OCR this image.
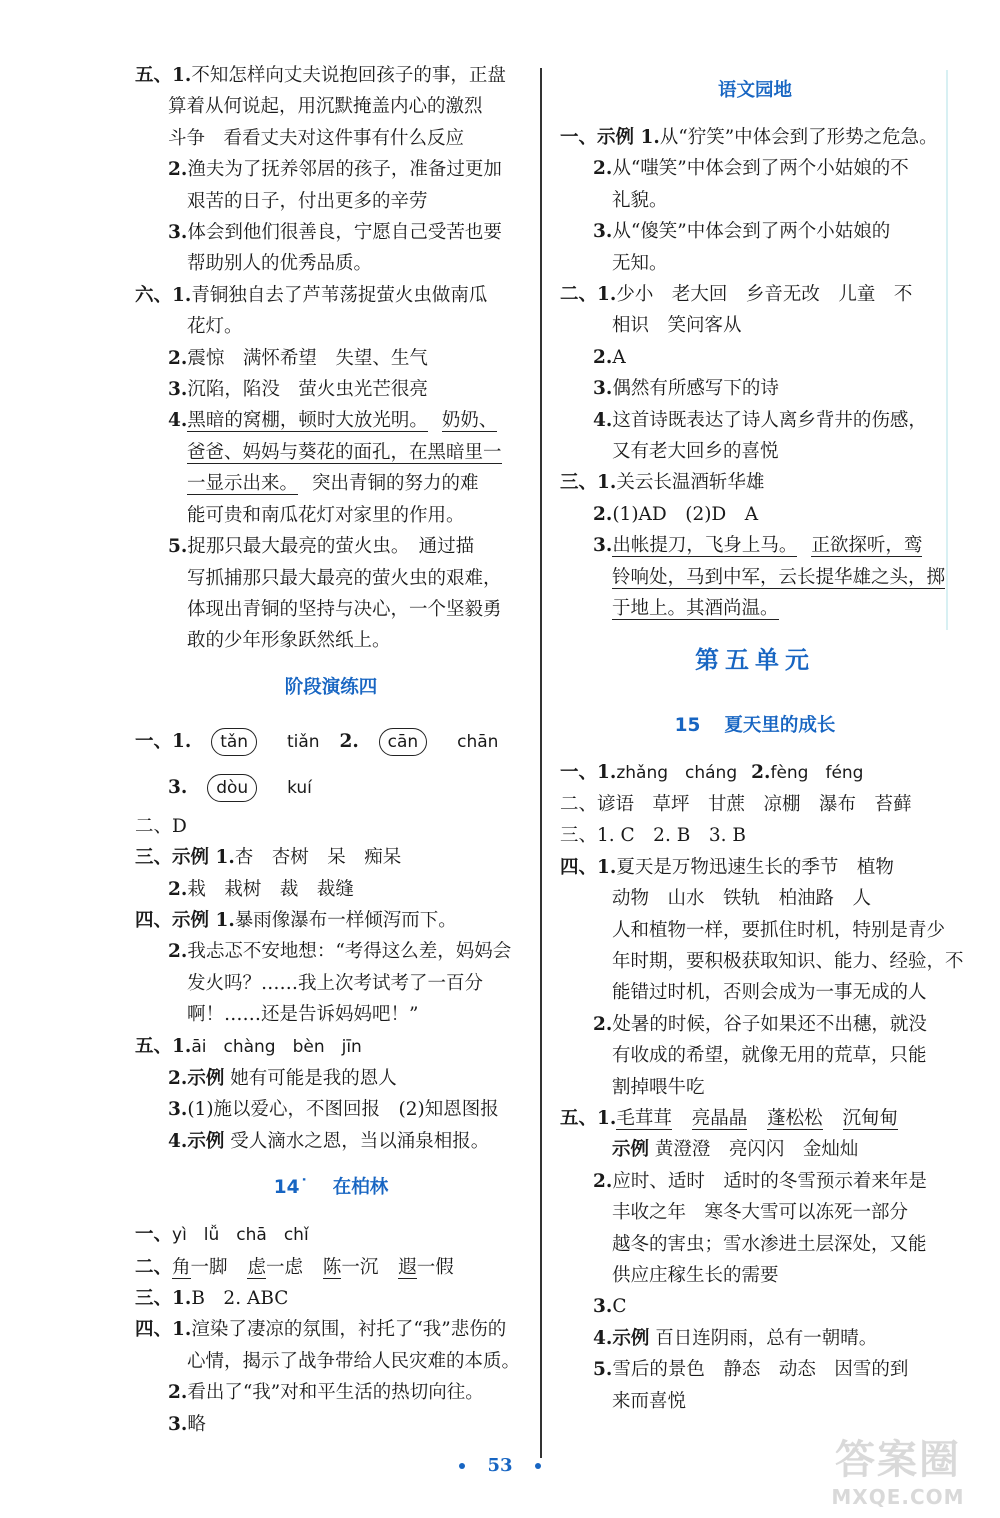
五、1.不知怎样向丈夫说抱回孩子的事，正盘
算着从何说起，用沉默掩盖内心的激烈
斗争　看看丈夫对这件事有什么反应
2.渔夫为了抚养邻居的孩子，准备过更加
艰苦的日子，付出更多的辛劳
3.体会到他们很善良，宁愿自己受苦也要
帮助别人的优秀品质。
六、1.青铜独自去了芦苇荡捉萤火虫做南瓜
花灯。
2.震惊　满怀希望　失望、生气
3.沉陷，陷没　萤火虫光芒很亮
4.黑暗的窝棚，顿时大放光明。 奶奶、
爸爸、妈妈与葵花的面孔，在黑暗里一
一显示出来。 突出青铜的努力的难
能可贵和南瓜花灯对家里的作用。
5.捉那只最大最亮的萤火虫。　通过描
写抓捕那只最大最亮的萤火虫的艰难，
体现出青铜的坚持与决心，一个坚毅勇
敢的少年形象跃然纸上。
阶段演练四
一、1. tǎn tiǎn 2. cān chān
3. dòu kuí
二、D
三、示例 1.杏　杏树　呆　痴呆
2.栽　栽树　裁　裁缝
四、示例 1.暴雨像瀑布一样倾泻而下。
2.我忐忑不安地想：“考得这么差，妈妈会
发火吗？……我上次考试考了一百分
啊！……还是告诉妈妈吧！”
五、1.āi　chàng　bèn　jīn
2.示例 她有可能是我的恩人
3.(1)施以爱心，不图回报　(2)知恩图报
4.示例 受人滴水之恩，当以涌泉相报。
14˙ 在柏林
一、yì　lǚ　chā　chǐ
二、角一脚 虑一虑 陈一沉 遐一假
三、1.B　2. ABC
四、1.渲染了凄凉的氛围，衬托了“我”悲伤的
心情，揭示了战争带给人民灾难的本质。
2.看出了“我”对和平生活的热切向往。
3.略
语文园地
一、示例 1.从“狞笑”中体会到了形势之危急。
2.从“嗤笑”中体会到了两个小姑娘的不
礼貌。
3.从“傻笑”中体会到了两个小姑娘的
无知。
二、1.少小　老大回　乡音无改　儿童　不
相识　笑问客从
2.A
3.偶然有所感写下的诗
4.这首诗既表达了诗人离乡背井的伤感，
又有老大回乡的喜悦
三、1.关云长温酒斩华雄
2.(1)AD　(2)D　A
3.出帐提刀，飞身上马。 正欲探听，鸾
铃响处，马到中军，云长提华雄之头，掷
于地上。其酒尚温。
第五单元
15 夏天里的成长
一、1.zhǎng　cháng 2.fèng　féng
二、谚语　草坪　甘蔗　凉棚　瀑布　苔藓
三、1. C　2. B　3. B
四、1.夏天是万物迅速生长的季节　植物
动物　山水　铁轨　柏油路　人
人和植物一样，要抓住时机，特别是青少
年时期，要积极获取知识、能力、经验，不
能错过时机，否则会成为一事无成的人
2.处暑的时候，谷子如果还不出穗，就没
有收成的希望，就像无用的荒草，只能
割掉喂牛吃
五、1.毛茸茸 亮晶晶 蓬松松 沉甸甸
示例 黄澄澄　亮闪闪　金灿灿
2.应时、适时　适时的冬雪预示着来年是
丰收之年　寒冬大雪可以冻死一部分
越冬的害虫；雪水渗进土层深处，又能
供应庄稼生长的需要
3.C
4.示例 百日连阴雨，总有一朝晴。
5.雪后的景色　静态　动态　因雪的到
来而喜悦
53	答案圈
MXQE.COM
